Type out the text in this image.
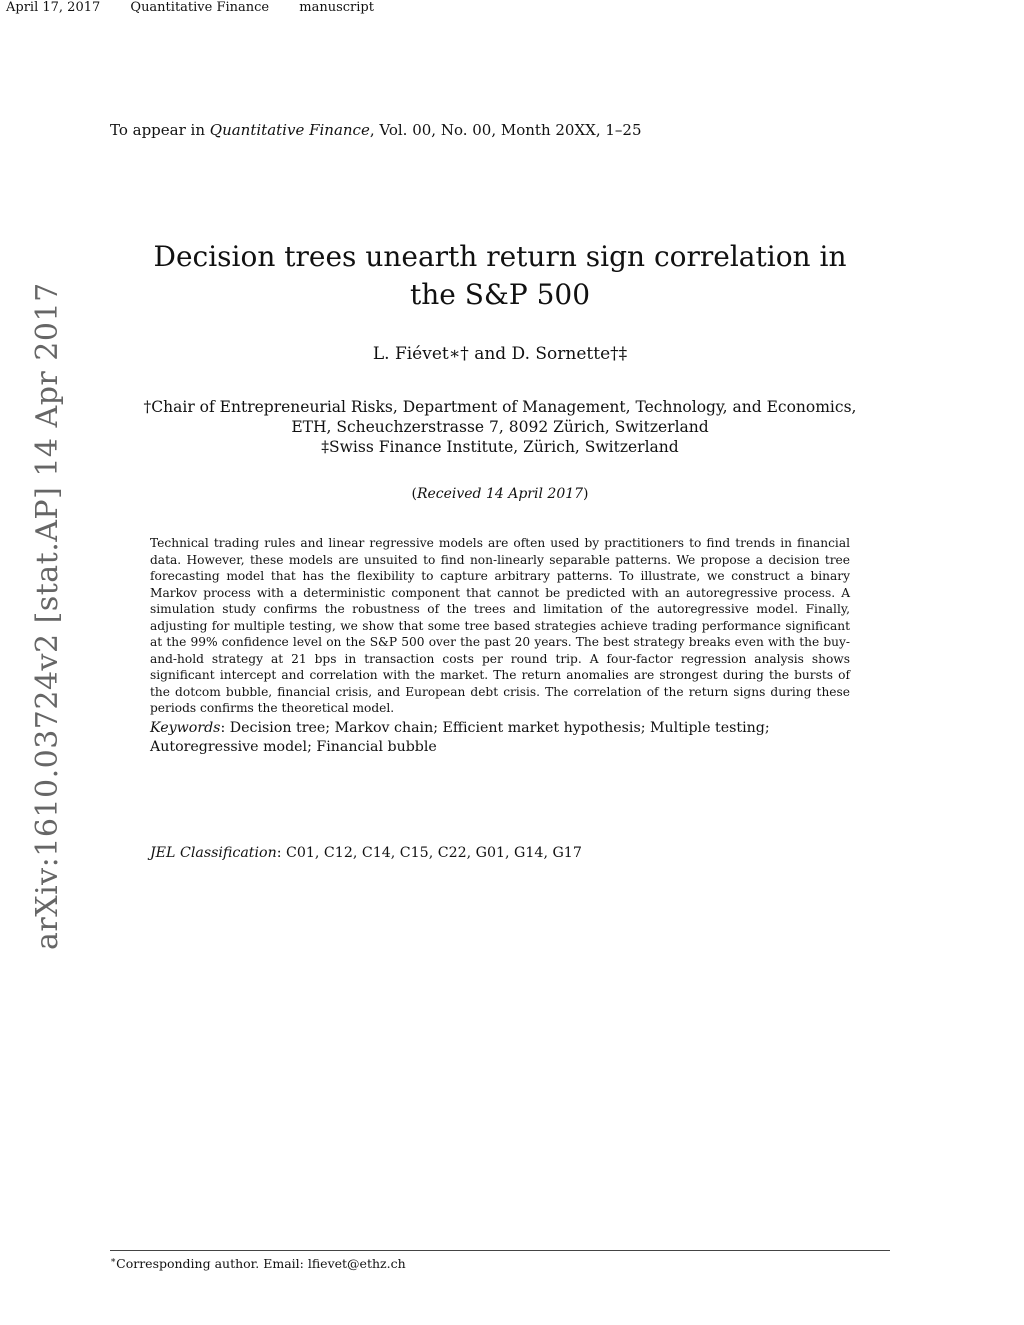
April 17, 2017 Quantitative Finance manuscript
To appear in Quantitative Finance, Vol. 00, No. 00, Month 20XX, 1–25
Decision trees unearth return sign correlation in the S&P 500
L. Fiévet∗† and D. Sornette†‡
†Chair of Entrepreneurial Risks, Department of Management, Technology, and Economics,
ETH, Scheuchzerstrasse 7, 8092 Zürich, Switzerland
‡Swiss Finance Institute, Zürich, Switzerland
(Received 14 April 2017)
Technical trading rules and linear regressive models are often used by practitioners to find trends in financial data. However, these models are unsuited to find non-linearly separable patterns. We propose a decision tree forecasting model that has the flexibility to capture arbitrary patterns. To illustrate, we construct a binary Markov process with a deterministic component that cannot be predicted with an autoregressive process. A simulation study confirms the robustness of the trees and limitation of the autoregressive model. Finally, adjusting for multiple testing, we show that some tree based strategies achieve trading performance significant at the 99% confidence level on the S&P 500 over the past 20 years. The best strategy breaks even with the buy-and-hold strategy at 21 bps in transaction costs per round trip. A four-factor regression analysis shows significant intercept and correlation with the market. The return anomalies are strongest during the bursts of the dotcom bubble, financial crisis, and European debt crisis. The correlation of the return signs during these periods confirms the theoretical model.
Keywords: Decision tree; Markov chain; Efficient market hypothesis; Multiple testing; Autoregressive model; Financial bubble
JEL Classification: C01, C12, C14, C15, C22, G01, G14, G17
arXiv:1610.03724v2 [stat.AP] 14 Apr 2017
∗Corresponding author. Email: lfievet@ethz.ch
